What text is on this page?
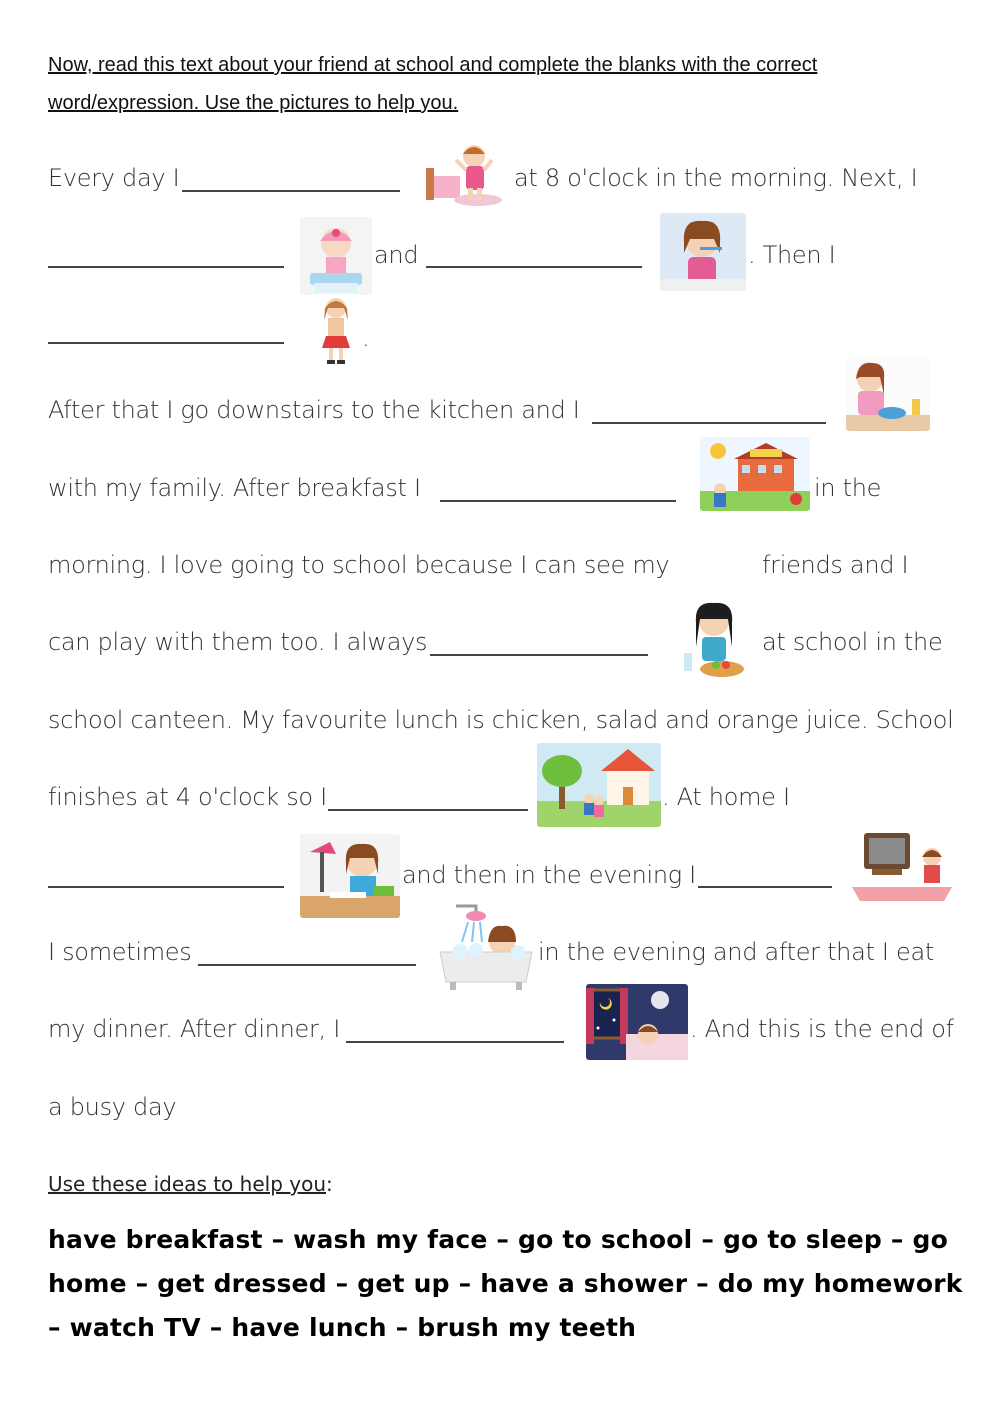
Now, read this text about your friend at school and complete the blanks with the correct word/expression. Use the pictures to help you.
Every day I	at 8 o'clock in the morning. Next, I
and	. Then I
.
After that I go downstairs to the kitchen and I
with my family. After breakfast I	in the
morning. I love going to school because I can see my	friends and I
can play with them too. I always	at school in the
school canteen. My favourite lunch is chicken, salad and orange juice. School
finishes at 4 o'clock so I	. At home I
and then in the evening I
I sometimes	in the evening and after that I eat
my dinner. After dinner, I	. And this is the end of
a busy day
Use these ideas to help you:
have breakfast – wash my face – go to school – go to sleep – go home – get dressed – get up – have a shower – do my homework – watch TV – have lunch – brush my teeth
